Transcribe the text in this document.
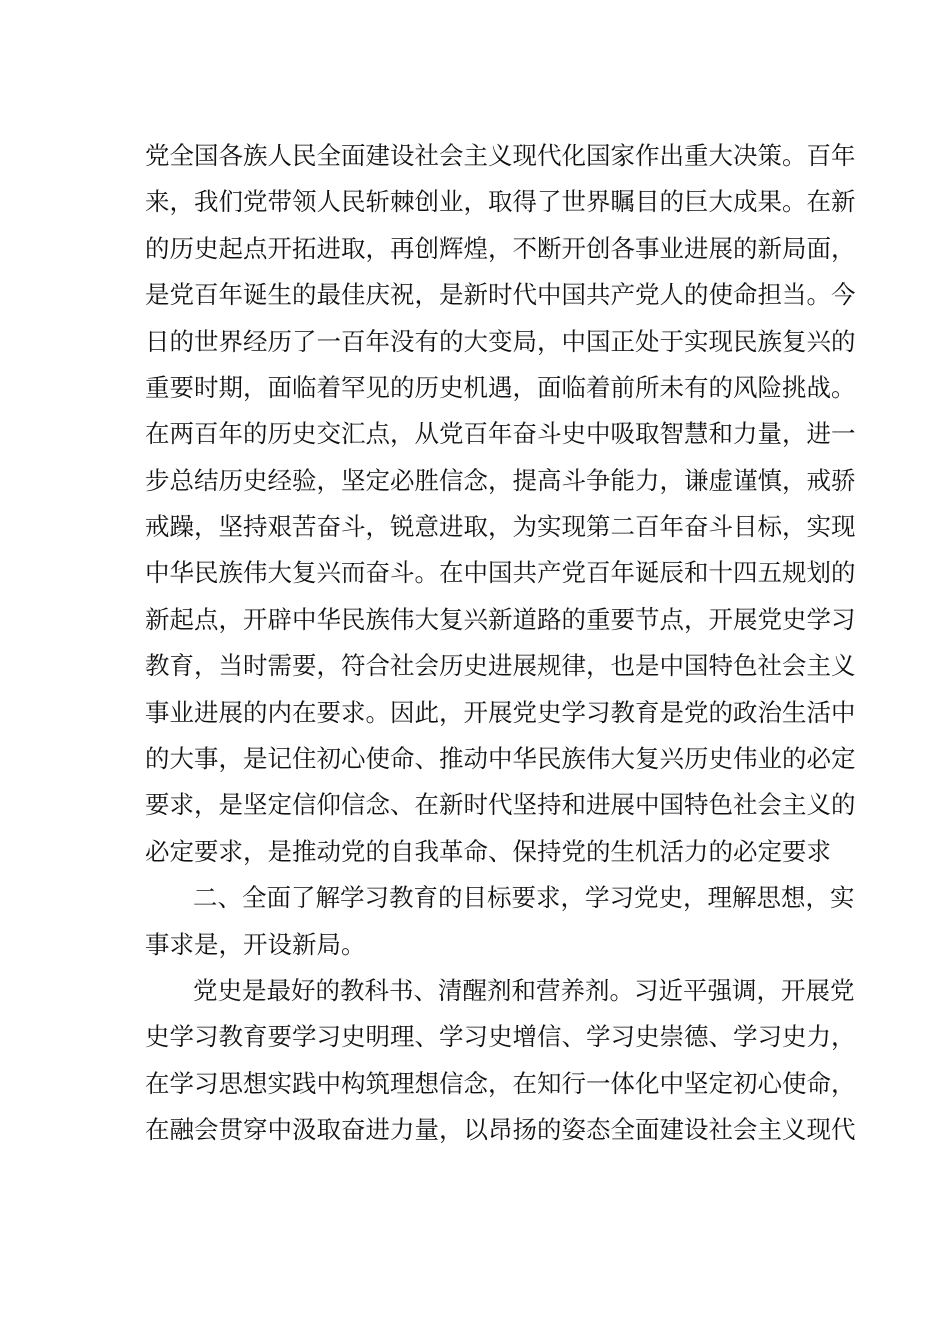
党全国各族人民全面建设社会主义现代化国家作出重大决策。百年
来，我们党带领人民斩棘创业，取得了世界瞩目的巨大成果。在新
的历史起点开拓进取，再创辉煌，不断开创各事业进展的新局面，
是党百年诞生的最佳庆祝，是新时代中国共产党人的使命担当。今
日的世界经历了一百年没有的大变局，中国正处于实现民族复兴的
重要时期，面临着罕见的历史机遇，面临着前所未有的风险挑战。
在两百年的历史交汇点，从党百年奋斗史中吸取智慧和力量，进一
步总结历史经验，坚定必胜信念，提高斗争能力，谦虚谨慎，戒骄
戒躁，坚持艰苦奋斗，锐意进取，为实现第二百年奋斗目标，实现
中华民族伟大复兴而奋斗。在中国共产党百年诞辰和十四五规划的
新起点，开辟中华民族伟大复兴新道路的重要节点，开展党史学习
教育，当时需要，符合社会历史进展规律，也是中国特色社会主义
事业进展的内在要求。因此，开展党史学习教育是党的政治生活中
的大事，是记住初心使命、推动中华民族伟大复兴历史伟业的必定
要求，是坚定信仰信念、在新时代坚持和进展中国特色社会主义的
必定要求，是推动党的自我革命、保持党的生机活力的必定要求
二、全面了解学习教育的目标要求，学习党史，理解思想，实
事求是，开设新局。
党史是最好的教科书、清醒剂和营养剂。习近平强调，开展党
史学习教育要学习史明理、学习史增信、学习史崇德、学习史力，
在学习思想实践中构筑理想信念，在知行一体化中坚定初心使命，
在融会贯穿中汲取奋进力量，以昂扬的姿态全面建设社会主义现代
